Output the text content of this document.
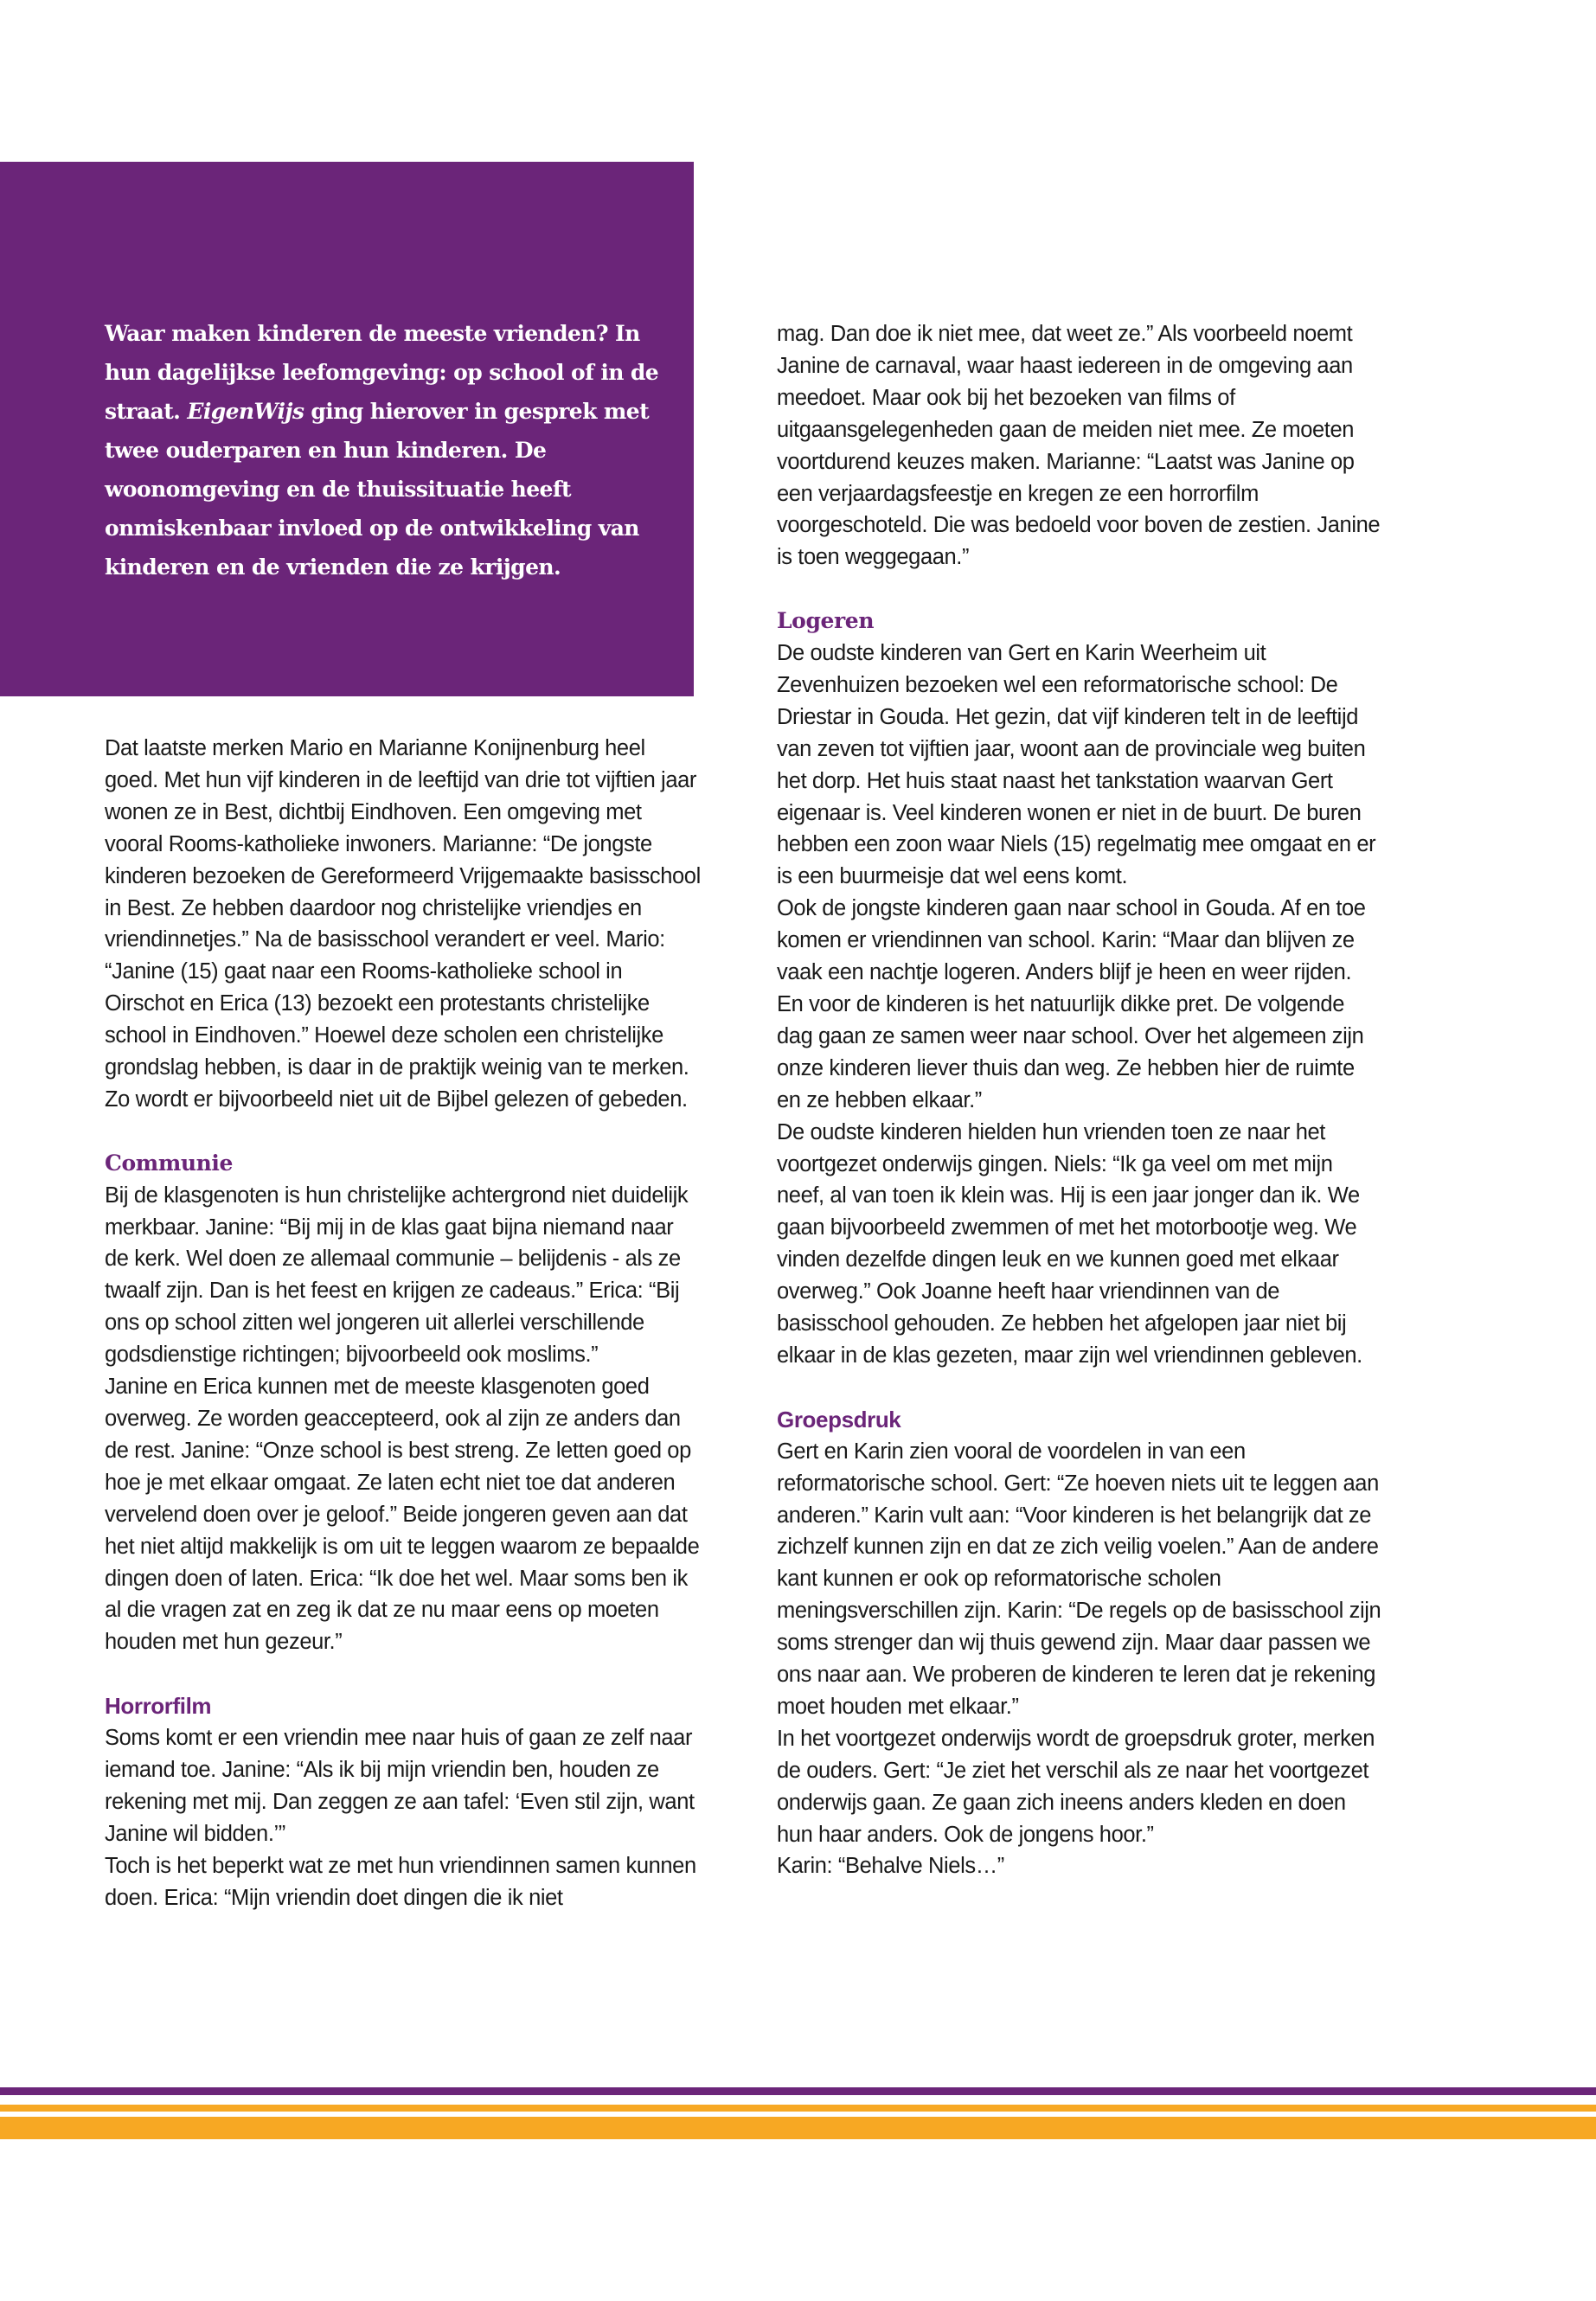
Waar maken kinderen de meeste vrienden? In hun dagelijkse leefomgeving: op school of in de straat. EigenWijs ging hierover in gesprek met twee ouderparen en hun kinderen. De woonomgeving en de thuissituatie heeft onmiskenbaar invloed op de ontwikkeling van kinderen en de vrienden die ze krijgen.

Dat laatste merken Mario en Marianne Konijnenburg heel goed. Met hun vijf kinderen in de leeftijd van drie tot vijftien jaar wonen ze in Best, dichtbij Eindhoven. Een omgeving met vooral Rooms-katholieke inwoners. Marianne: “De jongste kinderen bezoeken de Gereformeerd Vrijgemaakte basisschool in Best. Ze hebben daardoor nog christelijke vriendjes en vriendinnetjes.” Na de basisschool verandert er veel. Mario: “Janine (15) gaat naar een Rooms-katholieke school in Oirschot en Erica (13) bezoekt een protestants christelijke school in Eindhoven.” Hoewel deze scholen een christelijke grondslag hebben, is daar in de praktijk weinig van te merken. Zo wordt er bijvoorbeeld niet uit de Bijbel gelezen of gebeden.

Communie

Bij de klasgenoten is hun christelijke achtergrond niet duidelijk merkbaar. Janine: “Bij mij in de klas gaat bijna niemand naar de kerk. Wel doen ze allemaal communie – belijdenis - als ze twaalf zijn. Dan is het feest en krijgen ze cadeaus.” Erica: “Bij ons op school zitten wel jongeren uit allerlei verschillende godsdienstige richtingen; bijvoorbeeld ook moslims.”

Janine en Erica kunnen met de meeste klasgenoten goed overweg. Ze worden geaccepteerd, ook al zijn ze anders dan de rest. Janine: “Onze school is best streng. Ze letten goed op hoe je met elkaar omgaat. Ze laten echt niet toe dat anderen vervelend doen over je geloof.” Beide jongeren geven aan dat het niet altijd makkelijk is om uit te leggen waarom ze bepaalde dingen doen of laten. Erica: “Ik doe het wel. Maar soms ben ik al die vragen zat en zeg ik dat ze nu maar eens op moeten houden met hun gezeur.”

Horrorfilm

Soms komt er een vriendin mee naar huis of gaan ze zelf naar iemand toe. Janine: “Als ik bij mijn vriendin ben, houden ze rekening met mij. Dan zeggen ze aan tafel: ‘Even stil zijn, want Janine wil bidden.’”

Toch is het beperkt wat ze met hun vriendinnen samen kunnen doen. Erica: “Mijn vriendin doet dingen die ik niet

mag. Dan doe ik niet mee, dat weet ze.” Als voorbeeld noemt Janine de carnaval, waar haast iedereen in de omgeving aan meedoet. Maar ook bij het bezoeken van films of uitgaansgelegenheden gaan de meiden niet mee. Ze moeten voortdurend keuzes maken. Marianne: “Laatst was Janine op een verjaardagsfeestje en kregen ze een horrorfilm voorgeschoteld. Die was bedoeld voor boven de zestien. Janine is toen weggegaan.”

Logeren

De oudste kinderen van Gert en Karin Weerheim uit Zevenhuizen bezoeken wel een reformatorische school: De Driestar in Gouda. Het gezin, dat vijf kinderen telt in de leeftijd van zeven tot vijftien jaar, woont aan de provinciale weg buiten het dorp. Het huis staat naast het tankstation waarvan Gert eigenaar is. Veel kinderen wonen er niet in de buurt. De buren hebben een zoon waar Niels (15) regelmatig mee omgaat en er is een buurmeisje dat wel eens komt.

Ook de jongste kinderen gaan naar school in Gouda. Af en toe komen er vriendinnen van school. Karin: “Maar dan blijven ze vaak een nachtje logeren. Anders blijf je heen en weer rijden. En voor de kinderen is het natuurlijk dikke pret. De volgende dag gaan ze samen weer naar school. Over het algemeen zijn onze kinderen liever thuis dan weg. Ze hebben hier de ruimte en ze hebben elkaar.”

De oudste kinderen hielden hun vrienden toen ze naar het voortgezet onderwijs gingen. Niels: “Ik ga veel om met mijn neef, al van toen ik klein was. Hij is een jaar jonger dan ik. We gaan bijvoorbeeld zwemmen of met het motorbootje weg. We vinden dezelfde dingen leuk en we kunnen goed met elkaar overweg.” Ook Joanne heeft haar vriendinnen van de basisschool gehouden. Ze hebben het afgelopen jaar niet bij elkaar in de klas gezeten, maar zijn wel vriendinnen gebleven.

Groepsdruk

Gert en Karin zien vooral de voordelen in van een reformatorische school. Gert: “Ze hoeven niets uit te leggen aan anderen.” Karin vult aan: “Voor kinderen is het belangrijk dat ze zichzelf kunnen zijn en dat ze zich veilig voelen.” Aan de andere kant kunnen er ook op reformatorische scholen meningsverschillen zijn. Karin: “De regels op de basisschool zijn soms strenger dan wij thuis gewend zijn. Maar daar passen we ons naar aan. We proberen de kinderen te leren dat je rekening moet houden met elkaar.”

In het voortgezet onderwijs wordt de groepsdruk groter, merken de ouders. Gert: “Je ziet het verschil als ze naar het voortgezet onderwijs gaan. Ze gaan zich ineens anders kleden en doen hun haar anders. Ook de jongens hoor.”

Karin: “Behalve Niels…”
